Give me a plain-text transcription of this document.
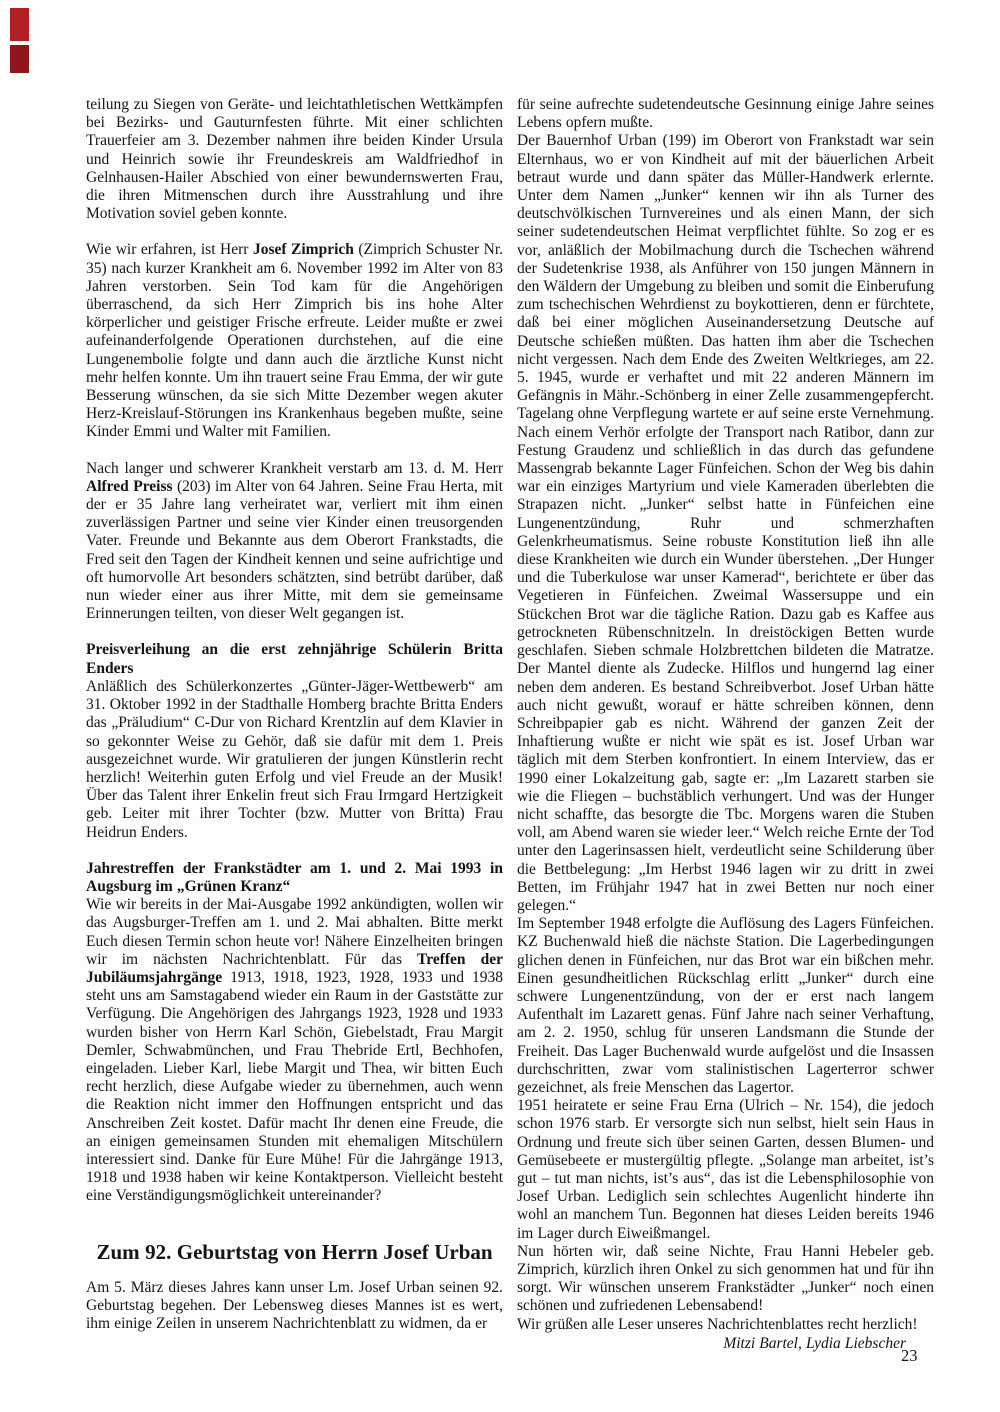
teilung zu Siegen von Geräte- und leichtathletischen Wettkämpfen bei Bezirks- und Gauturnfesten führte. Mit einer schlichten Trauerfeier am 3. Dezember nahmen ihre beiden Kinder Ursula und Heinrich sowie ihr Freundeskreis am Waldfriedhof in Gelnhausen-Hailer Abschied von einer bewundernswerten Frau, die ihren Mitmenschen durch ihre Ausstrahlung und ihre Motivation soviel geben konnte.

Wie wir erfahren, ist Herr Josef Zimprich (Zimprich Schuster Nr. 35) nach kurzer Krankheit am 6. November 1992 im Alter von 83 Jahren verstorben. Sein Tod kam für die Angehörigen überraschend, da sich Herr Zimprich bis ins hohe Alter körperlicher und geistiger Frische erfreute. Leider mußte er zwei aufeinanderfolgende Operationen durchstehen, auf die eine Lungenembolie folgte und dann auch die ärztliche Kunst nicht mehr helfen konnte. Um ihn trauert seine Frau Emma, der wir gute Besserung wünschen, da sie sich Mitte Dezember wegen akuter Herz-Kreislauf-Störungen ins Krankenhaus begeben mußte, seine Kinder Emmi und Walter mit Familien.

Nach langer und schwerer Krankheit verstarb am 13. d. M. Herr Alfred Preiss (203) im Alter von 64 Jahren. Seine Frau Herta, mit der er 35 Jahre lang verheiratet war, verliert mit ihm einen zuverlässigen Partner und seine vier Kinder einen treusorgenden Vater. Freunde und Bekannte aus dem Oberort Frankstadts, die Fred seit den Tagen der Kindheit kennen und seine aufrichtige und oft humorvolle Art besonders schätzten, sind betrübt darüber, daß nun wieder einer aus ihrer Mitte, mit dem sie gemeinsame Erinnerungen teilten, von dieser Welt gegangen ist.

Preisverleihung an die erst zehnjährige Schülerin Britta Enders

Anläßlich des Schülerkonzertes „Günter-Jäger-Wettbewerb“ am 31. Oktober 1992 in der Stadthalle Homberg brachte Britta Enders das „Präludium“ C-Dur von Richard Krentzlin auf dem Klavier in so gekonnter Weise zu Gehör, daß sie dafür mit dem 1. Preis ausgezeichnet wurde. Wir gratulieren der jungen Künstlerin recht herzlich! Weiterhin guten Erfolg und viel Freude an der Musik! Über das Talent ihrer Enkelin freut sich Frau Irmgard Hertzigkeit geb. Leiter mit ihrer Tochter (bzw. Mutter von Britta) Frau Heidrun Enders.

Jahrestreffen der Frankstädter am 1. und 2. Mai 1993 in Augsburg im „Grünen Kranz“

Wie wir bereits in der Mai-Ausgabe 1992 ankündigten, wollen wir das Augsburger-Treffen am 1. und 2. Mai abhalten. Bitte merkt Euch diesen Termin schon heute vor! Nähere Einzelheiten bringen wir im nächsten Nachrichtenblatt. Für das Treffen der Jubiläumsjahrgänge 1913, 1918, 1923, 1928, 1933 und 1938 steht uns am Samstagabend wieder ein Raum in der Gaststätte zur Verfügung. Die Angehörigen des Jahrgangs 1923, 1928 und 1933 wurden bisher von Herrn Karl Schön, Giebelstadt, Frau Margit Demler, Schwabmünchen, und Frau Thebride Ertl, Bechhofen, eingeladen. Lieber Karl, liebe Margit und Thea, wir bitten Euch recht herzlich, diese Aufgabe wieder zu übernehmen, auch wenn die Reaktion nicht immer den Hoffnungen entspricht und das Anschreiben Zeit kostet. Dafür macht Ihr denen eine Freude, die an einigen gemeinsamen Stunden mit ehemaligen Mitschülern interessiert sind. Danke für Eure Mühe! Für die Jahrgänge 1913, 1918 und 1938 haben wir keine Kontaktperson. Vielleicht besteht eine Verständigungsmöglichkeit untereinander?

Zum 92. Geburtstag von Herrn Josef Urban

Am 5. März dieses Jahres kann unser Lm. Josef Urban seinen 92. Geburtstag begehen. Der Lebensweg dieses Mannes ist es wert, ihm einige Zeilen in unserem Nachrichtenblatt zu widmen, da er

für seine aufrechte sudetendeutsche Gesinnung einige Jahre seines Lebens opfern mußte.

Der Bauernhof Urban (199) im Oberort von Frankstadt war sein Elternhaus, wo er von Kindheit auf mit der bäuerlichen Arbeit betraut wurde und dann später das Müller-Handwerk erlernte. Unter dem Namen „Junker“ kennen wir ihn als Turner des deutschvölkischen Turnvereines und als einen Mann, der sich seiner sudetendeutschen Heimat verpflichtet fühlte. So zog er es vor, anläßlich der Mobilmachung durch die Tschechen während der Sudetenkrise 1938, als Anführer von 150 jungen Männern in den Wäldern der Umgebung zu bleiben und somit die Einberufung zum tschechischen Wehrdienst zu boykottieren, denn er fürchtete, daß bei einer möglichen Auseinandersetzung Deutsche auf Deutsche schießen müßten. Das hatten ihm aber die Tschechen nicht vergessen. Nach dem Ende des Zweiten Weltkrieges, am 22. 5. 1945, wurde er verhaftet und mit 22 anderen Männern im Gefängnis in Mähr.-Schönberg in einer Zelle zusammengepfercht. Tagelang ohne Verpflegung wartete er auf seine erste Vernehmung. Nach einem Verhör erfolgte der Transport nach Ratibor, dann zur Festung Graudenz und schließlich in das durch das gefundene Massengrab bekannte Lager Fünfeichen. Schon der Weg bis dahin war ein einziges Martyrium und viele Kameraden überlebten die Strapazen nicht. „Junker“ selbst hatte in Fünfeichen eine Lungenentzündung, Ruhr und schmerzhaften Gelenkrheumatismus. Seine robuste Konstitution ließ ihn alle diese Krankheiten wie durch ein Wunder überstehen. „Der Hunger und die Tuberkulose war unser Kamerad“, berichtete er über das Vegetieren in Fünfeichen. Zweimal Wassersuppe und ein Stückchen Brot war die tägliche Ration. Dazu gab es Kaffee aus getrockneten Rübenschnitzeln. In dreistöckigen Betten wurde geschlafen. Sieben schmale Holzbrettchen bildeten die Matratze. Der Mantel diente als Zudecke. Hilflos und hungernd lag einer neben dem anderen. Es bestand Schreibverbot. Josef Urban hätte auch nicht gewußt, worauf er hätte schreiben können, denn Schreibpapier gab es nicht. Während der ganzen Zeit der Inhaftierung wußte er nicht wie spät es ist. Josef Urban war täglich mit dem Sterben konfrontiert. In einem Interview, das er 1990 einer Lokalzeitung gab, sagte er: „Im Lazarett starben sie wie die Fliegen – buchstäblich verhungert. Und was der Hunger nicht schaffte, das besorgte die Tbc. Morgens waren die Stuben voll, am Abend waren sie wieder leer.“ Welch reiche Ernte der Tod unter den Lagerinsassen hielt, verdeutlicht seine Schilderung über die Bettbelegung: „Im Herbst 1946 lagen wir zu dritt in zwei Betten, im Frühjahr 1947 hat in zwei Betten nur noch einer gelegen.“

Im September 1948 erfolgte die Auflösung des Lagers Fünfeichen. KZ Buchenwald hieß die nächste Station. Die Lagerbedingungen glichen denen in Fünfeichen, nur das Brot war ein bißchen mehr. Einen gesundheitlichen Rückschlag erlitt „Junker“ durch eine schwere Lungenentzündung, von der er erst nach langem Aufenthalt im Lazarett genas. Fünf Jahre nach seiner Verhaftung, am 2. 2. 1950, schlug für unseren Landsmann die Stunde der Freiheit. Das Lager Buchenwald wurde aufgelöst und die Insassen durchschritten, zwar vom stalinistischen Lagerterror schwer gezeichnet, als freie Menschen das Lagertor.

1951 heiratete er seine Frau Erna (Ulrich – Nr. 154), die jedoch schon 1976 starb. Er versorgte sich nun selbst, hielt sein Haus in Ordnung und freute sich über seinen Garten, dessen Blumen- und Gemüsebeete er mustergültig pflegte. „Solange man arbeitet, ist’s gut – tut man nichts, ist’s aus“, das ist die Lebensphilosophie von Josef Urban. Lediglich sein schlechtes Augenlicht hinderte ihn wohl an manchem Tun. Begonnen hat dieses Leiden bereits 1946 im Lager durch Eiweißmangel.

Nun hörten wir, daß seine Nichte, Frau Hanni Hebeler geb. Zimprich, kürzlich ihren Onkel zu sich genommen hat und für ihn sorgt. Wir wünschen unserem Frankstädter „Junker“ noch einen schönen und zufriedenen Lebensabend!

Wir grüßen alle Leser unseres Nachrichtenblattes recht herzlich!

Mitzi Bartel, Lydia Liebscher

23
